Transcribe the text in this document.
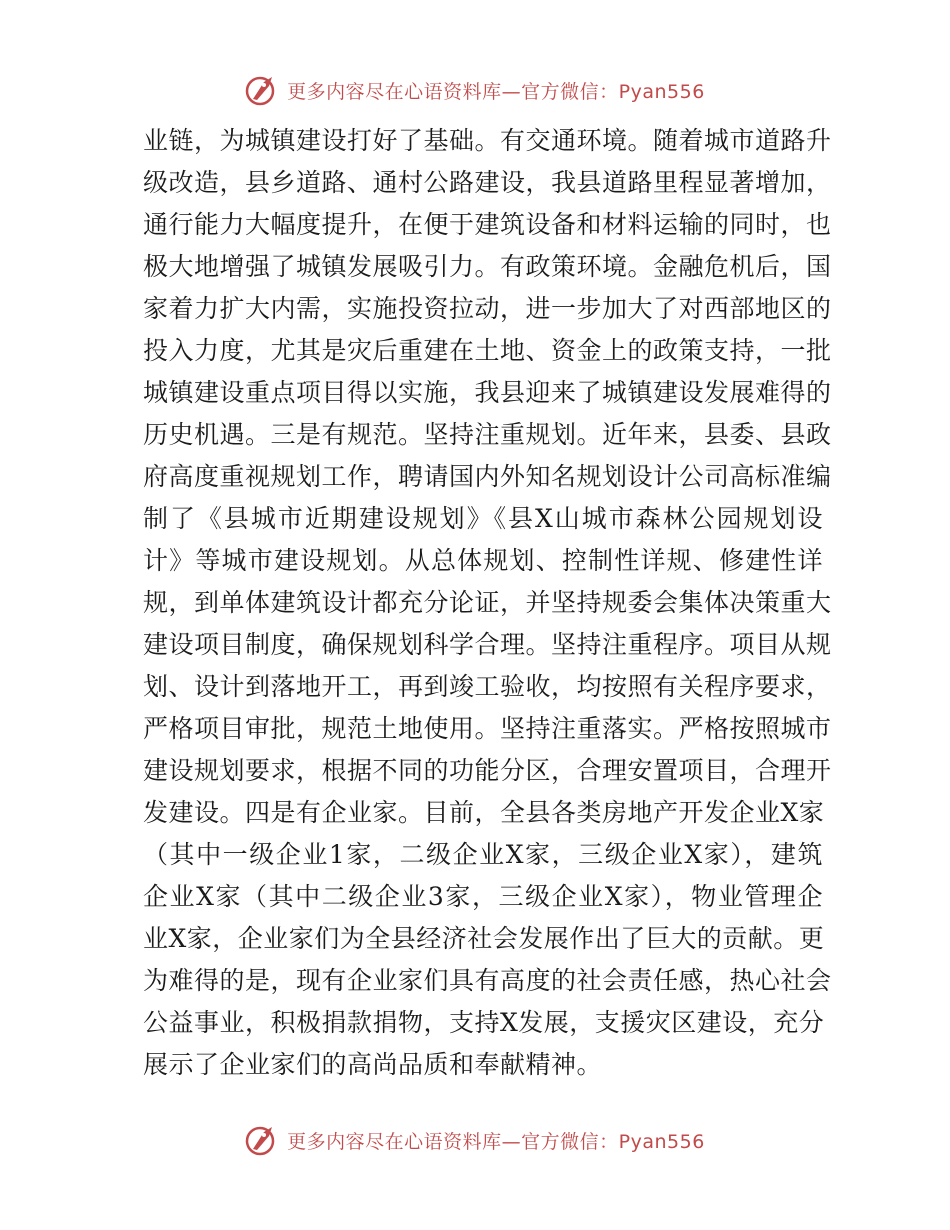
更多内容尽在心语资料库—官方微信：Pyan556
业链，为城镇建设打好了基础。有交通环境。随着城市道路升
级改造，县乡道路、通村公路建设，我县道路里程显著增加，
通行能力大幅度提升，在便于建筑设备和材料运输的同时，也
极大地增强了城镇发展吸引力。有政策环境。金融危机后，国
家着力扩大内需，实施投资拉动，进一步加大了对西部地区的
投入力度，尤其是灾后重建在土地、资金上的政策支持，一批
城镇建设重点项目得以实施，我县迎来了城镇建设发展难得的
历史机遇。三是有规范。坚持注重规划。近年来，县委、县政
府高度重视规划工作，聘请国内外知名规划设计公司高标准编
制了《县城市近期建设规划》《县X山城市森林公园规划设
计》等城市建设规划。从总体规划、控制性详规、修建性详
规，到单体建筑设计都充分论证，并坚持规委会集体决策重大
建设项目制度，确保规划科学合理。坚持注重程序。项目从规
划、设计到落地开工，再到竣工验收，均按照有关程序要求，
严格项目审批，规范土地使用。坚持注重落实。严格按照城市
建设规划要求，根据不同的功能分区，合理安置项目，合理开
发建设。四是有企业家。目前，全县各类房地产开发企业X家
（其中一级企业1家，二级企业X家，三级企业X家），建筑
企业X家（其中二级企业3家，三级企业X家），物业管理企
业X家，企业家们为全县经济社会发展作出了巨大的贡献。更
为难得的是，现有企业家们具有高度的社会责任感，热心社会
公益事业，积极捐款捐物，支持X发展，支援灾区建设，充分
展示了企业家们的高尚品质和奉献精神。
更多内容尽在心语资料库—官方微信：Pyan556
